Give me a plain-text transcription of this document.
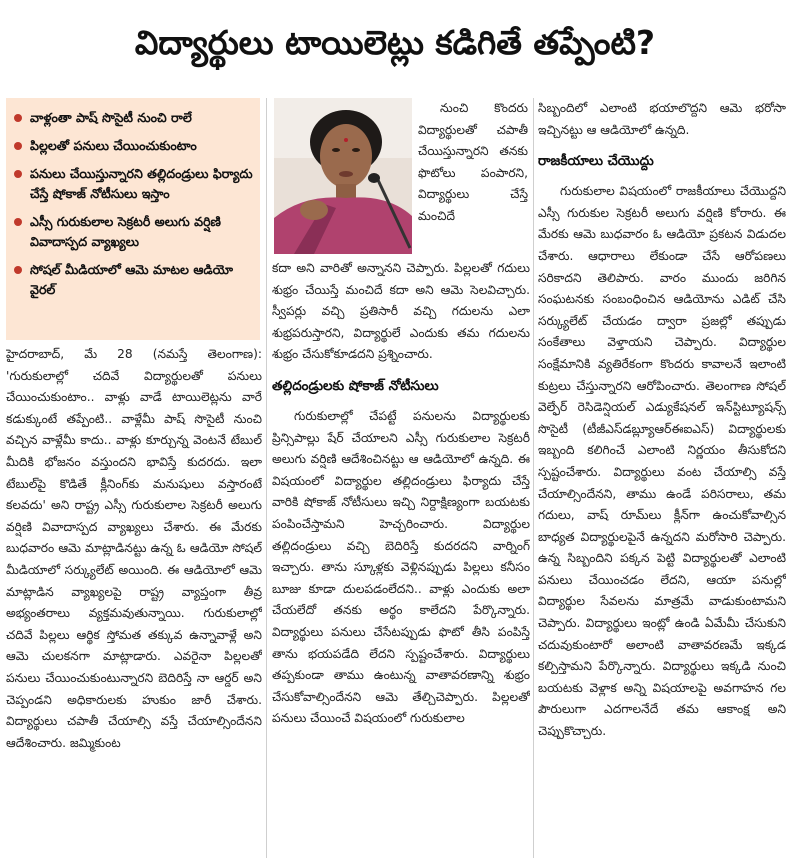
విద్యార్థులు టాయిలెట్లు కడిగితే తప్పేంటి?
వాళ్లంతా పాష్ సొసైటీ నుంచి రాలే
పిల్లలతో పనులు చేయించుకుంటాం
పనులు చేయిస్తున్నారని తల్లిదండ్రులు ఫిర్యాదు చేస్తే షోకాజ్ నోటీసులు ఇస్తాం
ఎస్సీ గురుకులాల సెక్రటరీ అలుగు వర్షిణి వివాదాస్పద వ్యాఖ్యలు
సోషల్ మీడియాలో ఆమె మాటల ఆడియో వైరల్

హైదరాబాద్, మే 28 (నమస్తే తెలంగాణ): 'గురుకులాల్లో చదివే విద్యార్థులతో పనులు చేయించుకుంటాం.. వాళ్లు వాడే టాయిలెట్లను వారే కడుక్కుంటే తప్పేంటి.. వాళ్లేమీ పాష్ సొసైటీ నుంచి వచ్చిన వాళ్లేమీ కాదు.. వాళ్లు కూర్చున్న వెంటనే టేబుల్ మీదికి భోజనం వస్తుందని భావిస్తే కుదరదు. ఇలా టేబుల్‌పై కొడితే క్లీనింగ్‌కు మనుషులు వస్తారంటే కలవదు' అని రాష్ట్ర ఎస్సీ గురుకులాల సెక్రటరీ అలుగు వర్షిణి వివాదాస్పద వ్యాఖ్యలు చేశారు. ఈ మేరకు బుధవారం ఆమె మాట్లాడినట్టు ఉన్న ఓ ఆడియో సోషల్ మీడియాలో సర్క్యులేట్ అయింది. ఈ ఆడియోలో ఆమె మాట్లాడిన వ్యాఖ్యలపై రాష్ట్ర వ్యాప్తంగా తీవ్ర అభ్యంతరాలు వ్యక్తమవుతున్నాయి. గురుకులాల్లో చదివే పిల్లలు ఆర్థిక స్తోమత తక్కువ ఉన్నావాళ్లే అని ఆమె చులకనగా మాట్లాడారు. ఎవరైనా పిల్లలతో పనులు చేయించుకుంటున్నారని బెదిరిస్తే నా ఆర్డర్ అని చెప్పండని అధికారులకు హుకుం జారీ చేశారు. విద్యార్థులు చపాతీ చేయాల్సి వస్తే చేయాల్సిందేనని ఆదేశించారు. జమ్మికుంట

నుంచి కొందరు విద్యార్థులతో చపాతీ చేయిస్తున్నారని తనకు ఫొటోలు పంపారని, విద్యార్థులు చేస్తే మంచిదే

కదా అని వారితో అన్నానని చెప్పారు. పిల్లలతో గదులు శుభ్రం చేయిస్తే మంచిదే కదా అని ఆమె సెలవిచ్చారు. స్వీపర్లు వచ్చి ప్రతిసారీ వచ్చి గదులను ఎలా శుభ్రపరుస్తారని, విద్యార్థులే ఎందుకు తమ గదులను శుభ్రం చేసుకోకూడదని ప్రశ్నించారు.

తల్లిదండ్రులకు షోకాజ్ నోటీసులు

గురుకులాల్లో చేపట్టే పనులను విద్యార్థులకు ప్రిన్సిపాల్లు షేర్ చేయాలని ఎస్సీ గురుకులాల సెక్రటరీ అలుగు వర్షిణి ఆదేశించినట్టు ఆ ఆడియోలో ఉన్నది. ఈ విషయంలో విద్యార్థుల తల్లిదండ్రులు ఫిర్యాదు చేస్తే వారికి షోకాజ్ నోటీసులు ఇచ్చి నిర్దాక్షిణ్యంగా బయటకు పంపించేస్తామని హెచ్చరించారు. విద్యార్థుల తల్లిదండ్రులు వచ్చి బెదిరిస్తే కుదరదని వార్నింగ్ ఇచ్చారు. తాను స్కూళ్లకు వెళ్లినప్పుడు పిల్లలు కనీసం బూజు కూడా దులపడంలేదని.. వాళ్లు ఎందుకు అలా చేయలేదో తనకు అర్థం కాలేదని పేర్కొన్నారు. విద్యార్థులు పనులు చేసేటప్పుడు ఫొటో తీసి పంపిస్తే తాను భయపడేది లేదని స్పష్టంచేశారు. విద్యార్థులు తప్పకుండా తాము ఉంటున్న వాతావరణాన్ని శుభ్రం చేసుకోవాల్సిందేనని ఆమె తేల్చిచెప్పారు. పిల్లలతో పనులు చేయించే విషయంలో గురుకులాల

సిబ్బందిలో ఎలాంటి భయాలొద్దని ఆమె భరోసా ఇచ్చినట్టు ఆ ఆడియోలో ఉన్నది.

రాజకీయాలు చేయొద్దు

గురుకులాల విషయంలో రాజకీయాలు చేయొద్దని ఎస్సీ గురుకుల సెక్రటరీ అలుగు వర్షిణి కోరారు. ఈ మేరకు ఆమె బుధవారం ఓ ఆడియో ప్రకటన విడుదల చేశారు. ఆధారాలు లేకుండా చేసే ఆరోపణలు సరికాదని తెలిపారు. వారం ముందు జరిగిన సంఘటనకు సంబంధించిన ఆడియోను ఎడిట్ చేసి సర్క్యులేట్ చేయడం ద్వారా ప్రజల్లో తప్పుడు సంకేతాలు వెళ్తాయని చెప్పారు. విద్యార్థుల సంక్షేమానికి వ్యతిరేకంగా కొందరు కావాలనే ఇలాంటి కుట్రలు చేస్తున్నారని ఆరోపించారు. తెలంగాణ సోషల్ వెల్ఫేర్ రెసిడెన్షియల్ ఎడ్యుకేషనల్ ఇన్‌స్టిట్యూషన్స్ సొసైటీ (టీజీఎస్‌డబ్ల్యూఆర్‌ఈఐఎస్) విద్యార్థులకు ఇబ్బంది కలిగించే ఎలాంటి నిర్ణయం తీసుకోదని స్పష్టంచేశారు. విద్యార్థులు వంట చేయాల్సి వస్తే చేయాల్సిందేనని, తాము ఉండే పరిసరాలు, తమ గదులు, వాష్ రూమ్‌లు క్లీన్‌గా ఉంచుకోవాల్సిన బాధ్యత విద్యార్థులపైనే ఉన్నదని మరోసారి చెప్పారు. ఉన్న సిబ్బందిని పక్కన పెట్టి విద్యార్థులతో ఎలాంటి పనులు చేయించడం లేదని, ఆయా పనుల్లో విద్యార్థుల సేవలను మాత్రమే వాడుకుంటామని చెప్పారు. విద్యార్థులు ఇంట్లో ఉండి ఏమేమీ చేసుకుని చదువుకుంటారో అలాంటి వాతావరణమే ఇక్కడ కల్పిస్తామని పేర్కొన్నారు. విద్యార్థులు ఇక్కడి నుంచి బయటకు వెళ్లాక అన్ని విషయాలపై అవగాహన గల పౌరులుగా ఎదగాలనేదే తమ ఆకాంక్ష అని చెప్పుకొచ్చారు.
